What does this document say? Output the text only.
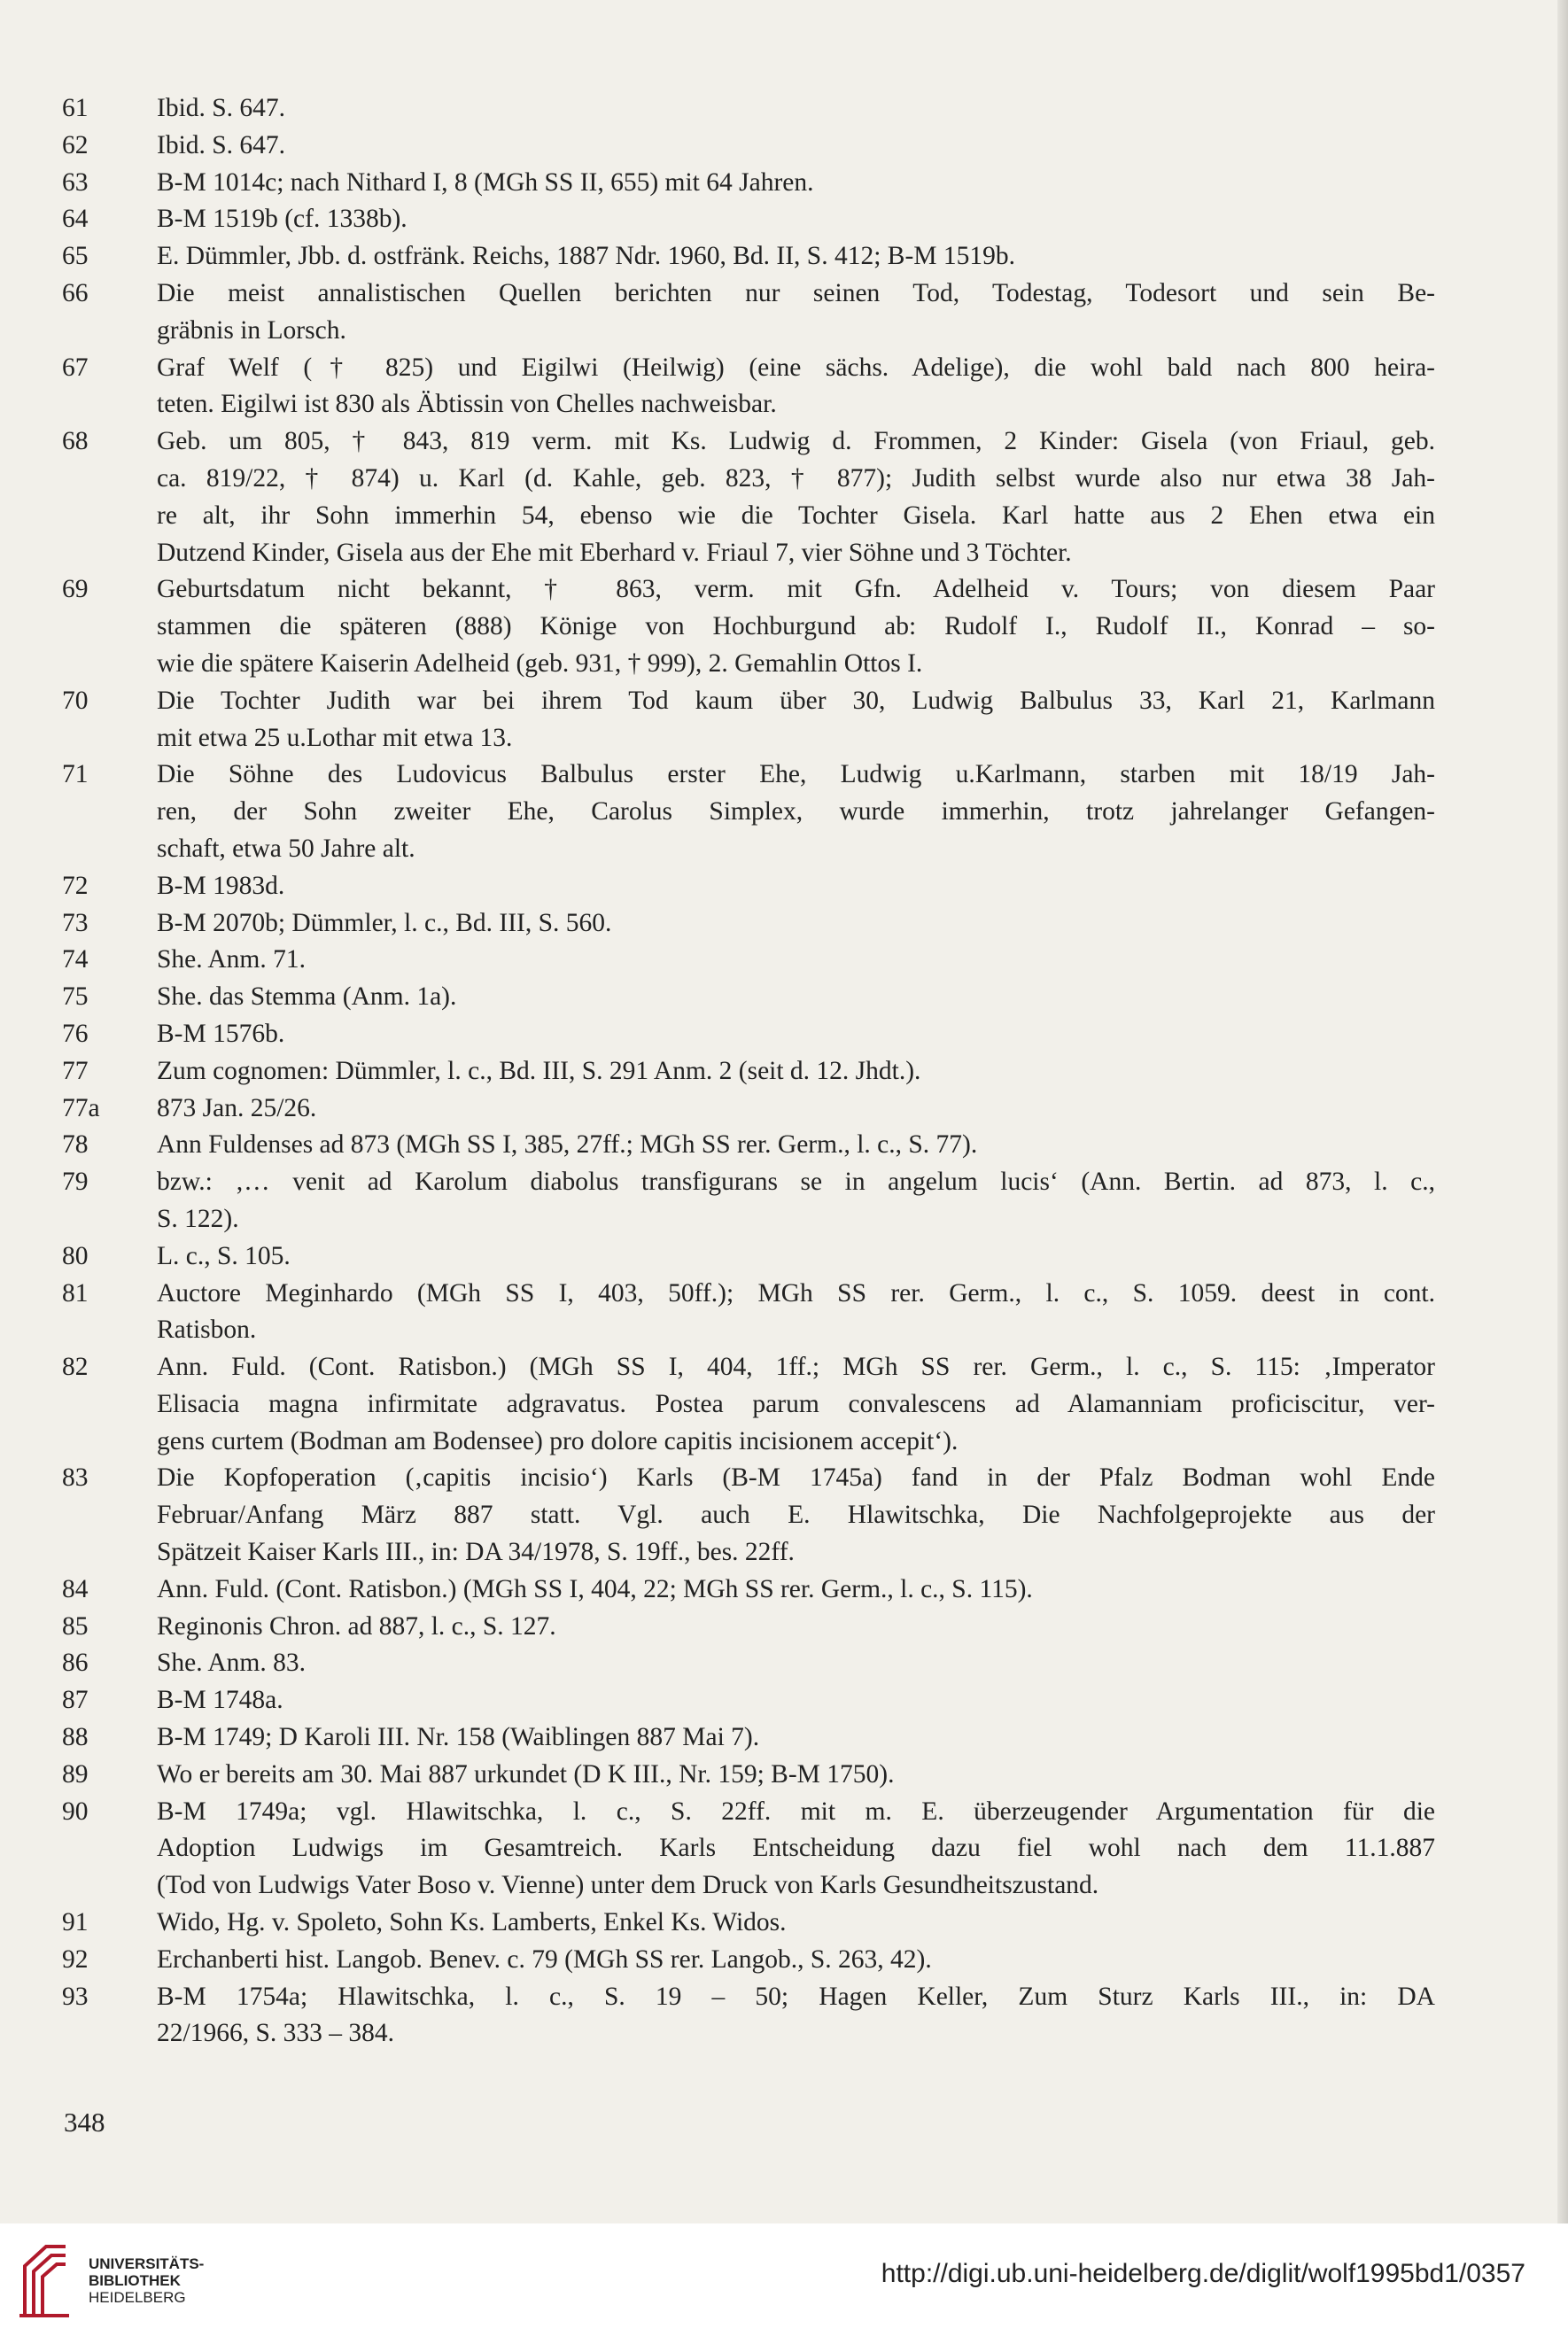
61	Ibid. S. 647.
62	Ibid. S. 647.
63	B-M 1014c; nach Nithard I, 8 (MGh SS II, 655) mit 64 Jahren.
64	B-M 1519b (cf. 1338b).
65	E. Dümmler, Jbb. d. ostfränk. Reichs, 1887 Ndr. 1960, Bd. II, S. 412; B-M 1519b.
66	Die meist annalistischen Quellen berichten nur seinen Tod, Todestag, Todesort und sein Be-
gräbnis in Lorsch.
67	Graf Welf († 825) und Eigilwi (Heilwig) (eine sächs. Adelige), die wohl bald nach 800 heira-
teten. Eigilwi ist 830 als Äbtissin von Chelles nachweisbar.
68	Geb. um 805, † 843, 819 verm. mit Ks. Ludwig d. Frommen, 2 Kinder: Gisela (von Friaul, geb.
ca. 819/22, † 874) u. Karl (d. Kahle, geb. 823, † 877); Judith selbst wurde also nur etwa 38 Jah-
re alt, ihr Sohn immerhin 54, ebenso wie die Tochter Gisela. Karl hatte aus 2 Ehen etwa ein
Dutzend Kinder, Gisela aus der Ehe mit Eberhard v. Friaul 7, vier Söhne und 3 Töchter.
69	Geburtsdatum nicht bekannt, † 863, verm. mit Gfn. Adelheid v. Tours; von diesem Paar
stammen die späteren (888) Könige von Hochburgund ab: Rudolf I., Rudolf II., Konrad – so-
wie die spätere Kaiserin Adelheid (geb. 931, † 999), 2. Gemahlin Ottos I.
70	Die Tochter Judith war bei ihrem Tod kaum über 30, Ludwig Balbulus 33, Karl 21, Karlmann
mit etwa 25 u.Lothar mit etwa 13.
71	Die Söhne des Ludovicus Balbulus erster Ehe, Ludwig u.Karlmann, starben mit 18/19 Jah-
ren, der Sohn zweiter Ehe, Carolus Simplex, wurde immerhin, trotz jahrelanger Gefangen-
schaft, etwa 50 Jahre alt.
72	B-M 1983d.
73	B-M 2070b; Dümmler, l. c., Bd. III, S. 560.
74	She. Anm. 71.
75	She. das Stemma (Anm. 1a).
76	B-M 1576b.
77	Zum cognomen: Dümmler, l. c., Bd. III, S. 291 Anm. 2 (seit d. 12. Jhdt.).
77a	873 Jan. 25/26.
78	Ann Fuldenses ad 873 (MGh SS I, 385, 27ff.; MGh SS rer. Germ., l. c., S. 77).
79	bzw.: ‚… venit ad Karolum diabolus transfigurans se in angelum lucis‘ (Ann. Bertin. ad 873, l. c.,
S. 122).
80	L. c., S. 105.
81	Auctore Meginhardo (MGh SS I, 403, 50ff.); MGh SS rer. Germ., l. c., S. 1059. deest in cont.
Ratisbon.
82	Ann. Fuld. (Cont. Ratisbon.) (MGh SS I, 404, 1ff.; MGh SS rer. Germ., l. c., S. 115: ‚Imperator
Elisacia magna infirmitate adgravatus. Postea parum convalescens ad Alamanniam proficiscitur, ver-
gens curtem (Bodman am Bodensee) pro dolore capitis incisionem accepit‘).
83	Die Kopfoperation (‚capitis incisio‘) Karls (B-M 1745a) fand in der Pfalz Bodman wohl Ende
Februar/Anfang März 887 statt. Vgl. auch E. Hlawitschka, Die Nachfolgeprojekte aus der
Spätzeit Kaiser Karls III., in: DA 34/1978, S. 19ff., bes. 22ff.
84	Ann. Fuld. (Cont. Ratisbon.) (MGh SS I, 404, 22; MGh SS rer. Germ., l. c., S. 115).
85	Reginonis Chron. ad 887, l. c., S. 127.
86	She. Anm. 83.
87	B-M 1748a.
88	B-M 1749; D Karoli III. Nr. 158 (Waiblingen 887 Mai 7).
89	Wo er bereits am 30. Mai 887 urkundet (D K III., Nr. 159; B-M 1750).
90	B-M 1749a; vgl. Hlawitschka, l. c., S. 22ff. mit m. E. überzeugender Argumentation für die
Adoption Ludwigs im Gesamtreich. Karls Entscheidung dazu fiel wohl nach dem 11.1.887
(Tod von Ludwigs Vater Boso v. Vienne) unter dem Druck von Karls Gesundheitszustand.
91	Wido, Hg. v. Spoleto, Sohn Ks. Lamberts, Enkel Ks. Widos.
92	Erchanberti hist. Langob. Benev. c. 79 (MGh SS rer. Langob., S. 263, 42).
93	B-M 1754a; Hlawitschka, l. c., S. 19 – 50; Hagen Keller, Zum Sturz Karls III., in: DA
22/1966, S. 333 – 384.
348
UNIVERSITÄTS-
BIBLIOTHEK
HEIDELBERG
http://digi.ub.uni-heidelberg.de/diglit/wolf1995bd1/0357
